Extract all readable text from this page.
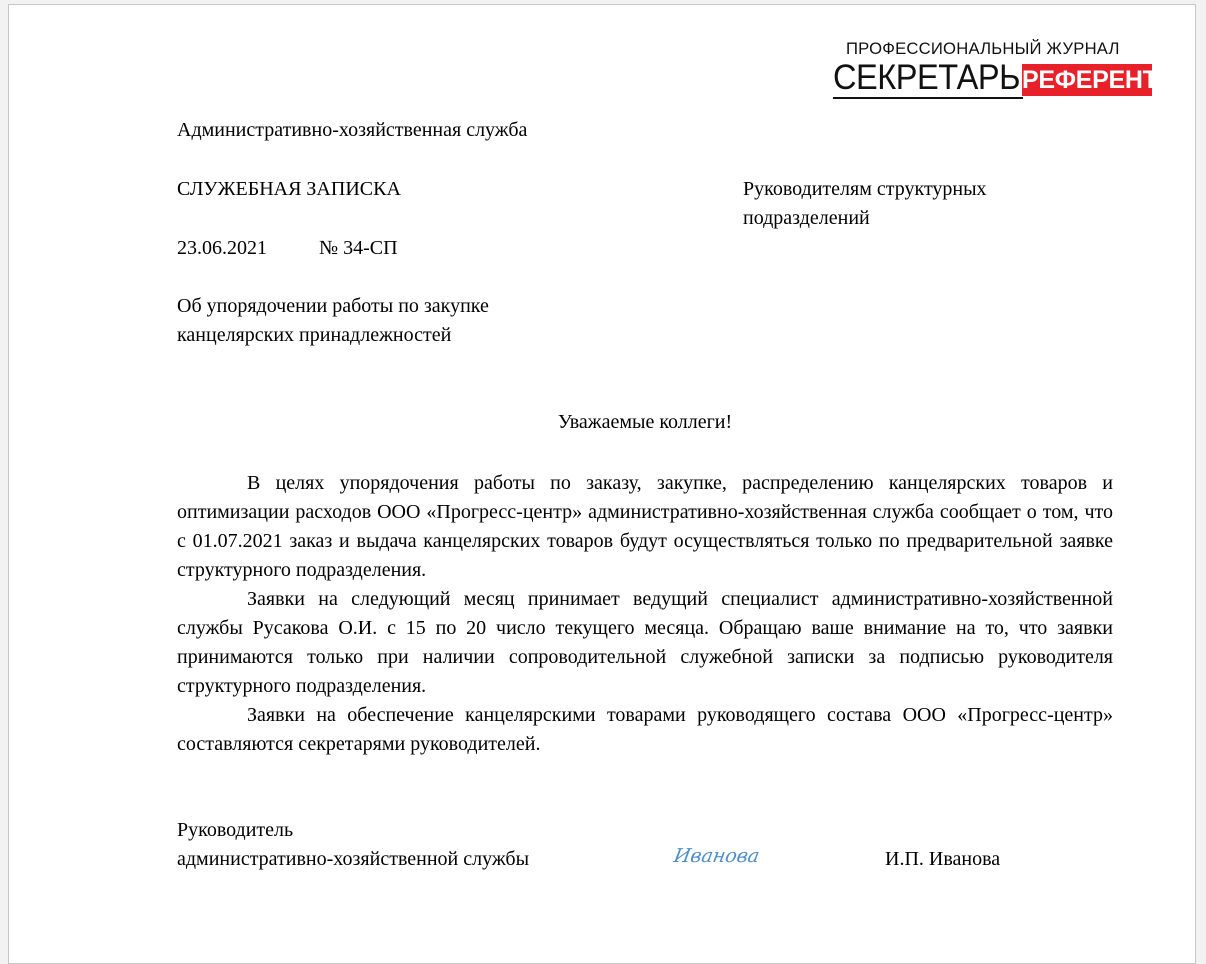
ПРОФЕССИОНАЛЬНЫЙ ЖУРНАЛ
СЕКРЕТАРЬ РЕФЕРЕНТ
Административно-хозяйственная служба
СЛУЖЕБНАЯ ЗАПИСКА	Руководителям структурных
подразделений
23.06.2021	№ 34-СП
Об упорядочении работы по закупке
канцелярских принадлежностей
Уважаемые коллеги!

В целях упорядочения работы по заказу, закупке, распределению канцелярских товаров и оптимизации расходов ООО «Прогресс-центр» административно-хозяйственная служба сообщает о том, что с 01.07.2021 заказ и выдача канцелярских товаров будут осуществляться только по предварительной заявке структурного подразделения.

Заявки на следующий месяц принимает ведущий специалист административно-хозяйственной службы Русакова О.И. с 15 по 20 число текущего месяца. Обращаю ваше внимание на то, что заявки принимаются только при наличии сопроводительной служебной записки за подписью руководителя структурного подразделения.

Заявки на обеспечение канцелярскими товарами руководящего состава ООО «Прогресс-центр» составляются секретарями руководителей.

Руководитель
административно-хозяйственной службы	Иванова	И.П. Иванова
